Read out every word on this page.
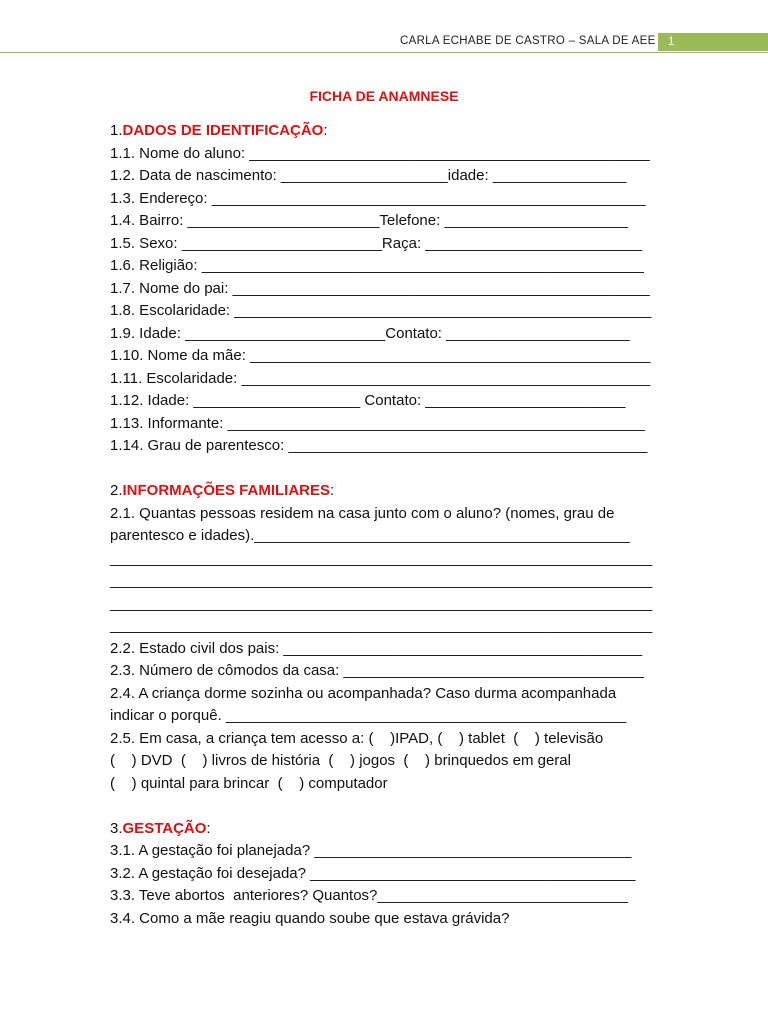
CARLA ECHABE DE CASTRO – SALA DE AEE	1
FICHA DE ANAMNESE
1.DADOS DE IDENTIFICAÇÃO:
1.1. Nome do aluno: ________________________________________________
1.2. Data de nascimento: ____________________idade: ________________
1.3. Endereço: ____________________________________________________
1.4. Bairro: _______________________Telefone: ______________________
1.5. Sexo: ________________________Raça: __________________________
1.6. Religião: _____________________________________________________
1.7. Nome do pai: __________________________________________________
1.8. Escolaridade: __________________________________________________
1.9. Idade: ________________________Contato: ______________________
1.10. Nome da mãe: ________________________________________________
1.11. Escolaridade: _________________________________________________
1.12. Idade: ____________________ Contato: ________________________
1.13. Informante: __________________________________________________
1.14. Grau de parentesco: ___________________________________________
2.INFORMAÇÕES FAMILIARES:
2.1. Quantas pessoas residem na casa junto com o aluno? (nomes, grau de
parentesco e idades)._____________________________________________
_________________________________________________________________
_________________________________________________________________
_________________________________________________________________
_________________________________________________________________
2.2. Estado civil dos pais: ___________________________________________
2.3. Número de cômodos da casa: ____________________________________
2.4. A criança dorme sozinha ou acompanhada? Caso durma acompanhada
indicar o porquê. ________________________________________________
2.5. Em casa, a criança tem acesso a: (    )IPAD, (    ) tablet  (    ) televisão
(    ) DVD  (    ) livros de história  (    ) jogos  (    ) brinquedos em geral
(    ) quintal para brincar  (    ) computador
3.GESTAÇÃO:
3.1. A gestação foi planejada? ______________________________________
3.2. A gestação foi desejada? _______________________________________
3.3. Teve abortos  anteriores? Quantos?______________________________
3.4. Como a mãe reagiu quando soube que estava grávida?
